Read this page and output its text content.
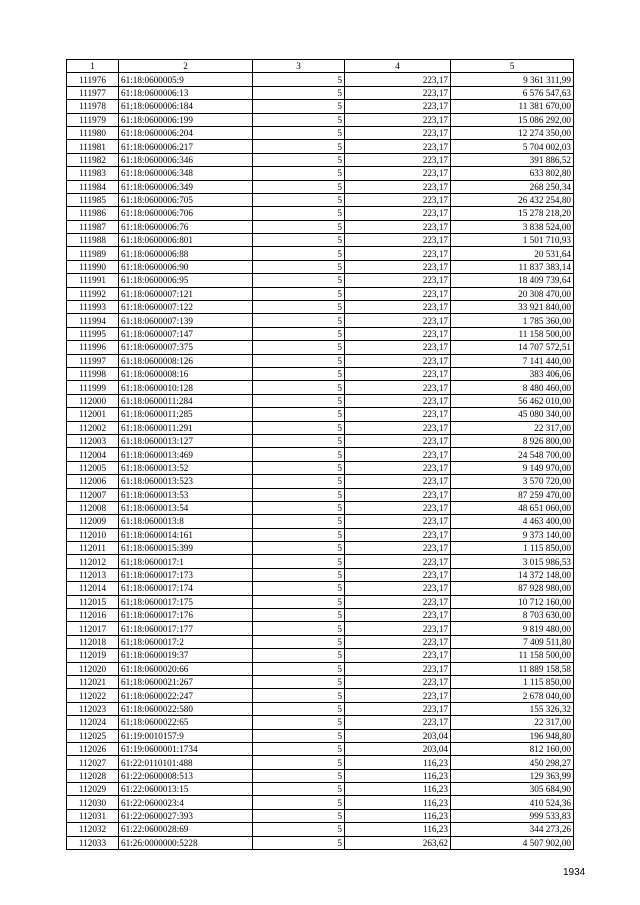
1	2	3	4	5
111976	61:18:0600005:9	5	223,17	9 361 311,99
111977	61:18:0600006:13	5	223,17	6 576 547,63
111978	61:18:0600006:184	5	223,17	11 381 670,00
111979	61:18:0600006:199	5	223,17	15 086 292,00
111980	61:18:0600006:204	5	223,17	12 274 350,00
111981	61:18:0600006:217	5	223,17	5 704 002,03
111982	61:18:0600006:346	5	223,17	391 886,52
111983	61:18:0600006:348	5	223,17	633 802,80
111984	61:18:0600006:349	5	223,17	268 250,34
111985	61:18:0600006:705	5	223,17	26 432 254,80
111986	61:18:0600006:706	5	223,17	15 278 218,20
111987	61:18:0600006:76	5	223,17	3 838 524,00
111988	61:18:0600006:801	5	223,17	1 501 710,93
111989	61:18:0600006:88	5	223,17	20 531,64
111990	61:18:0600006:90	5	223,17	11 837 383,14
111991	61:18:0600006:95	5	223,17	18 409 739,64
111992	61:18:0600007:121	5	223,17	20 308 470,00
111993	61:18:0600007:122	5	223,17	33 921 840,00
111994	61:18:0600007:139	5	223,17	1 785 360,00
111995	61:18:0600007:147	5	223,17	11 158 500,00
111996	61:18:0600007:375	5	223,17	14 707 572,51
111997	61:18:0600008:126	5	223,17	7 141 440,00
111998	61:18:0600008:16	5	223,17	383 406,06
111999	61:18:0600010:128	5	223,17	8 480 460,00
112000	61:18:0600011:284	5	223,17	56 462 010,00
112001	61:18:0600011:285	5	223,17	45 080 340,00
112002	61:18:0600011:291	5	223,17	22 317,00
112003	61:18:0600013:127	5	223,17	8 926 800,00
112004	61:18:0600013:469	5	223,17	24 548 700,00
112005	61:18:0600013:52	5	223,17	9 149 970,00
112006	61:18:0600013:523	5	223,17	3 570 720,00
112007	61:18:0600013:53	5	223,17	87 259 470,00
112008	61:18:0600013:54	5	223,17	48 651 060,00
112009	61:18:0600013:8	5	223,17	4 463 400,00
112010	61:18:0600014:161	5	223,17	9 373 140,00
112011	61:18:0600015:399	5	223,17	1 115 850,00
112012	61:18:0600017:1	5	223,17	3 015 986,53
112013	61:18:0600017:173	5	223,17	14 372 148,00
112014	61:18:0600017:174	5	223,17	87 928 980,00
112015	61:18:0600017:175	5	223,17	10 712 160,00
112016	61:18:0600017:176	5	223,17	8 703 630,00
112017	61:18:0600017:177	5	223,17	9 819 480,00
112018	61:18:0600017:2	5	223,17	7 409 511,80
112019	61:18:0600019:37	5	223,17	11 158 500,00
112020	61:18:0600020:66	5	223,17	11 889 158,58
112021	61:18:0600021:267	5	223,17	1 115 850,00
112022	61:18:0600022:247	5	223,17	2 678 040,00
112023	61:18:0600022:580	5	223,17	155 326,32
112024	61:18:0600022:65	5	223,17	22 317,00
112025	61:19:0010157:9	5	203,04	196 948,80
112026	61:19:0600001:1734	5	203,04	812 160,00
112027	61:22:0110101:488	5	116,23	450 298,27
112028	61:22:0600008:513	5	116,23	129 363,99
112029	61:22:0600013:15	5	116,23	305 684,90
112030	61:22:0600023:4	5	116,23	410 524,36
112031	61:22:0600027:393	5	116,23	999 533,83
112032	61:22:0600028:69	5	116,23	344 273,26
112033	61:26:0000000:5228	5	263,62	4 507 902,00
1934
